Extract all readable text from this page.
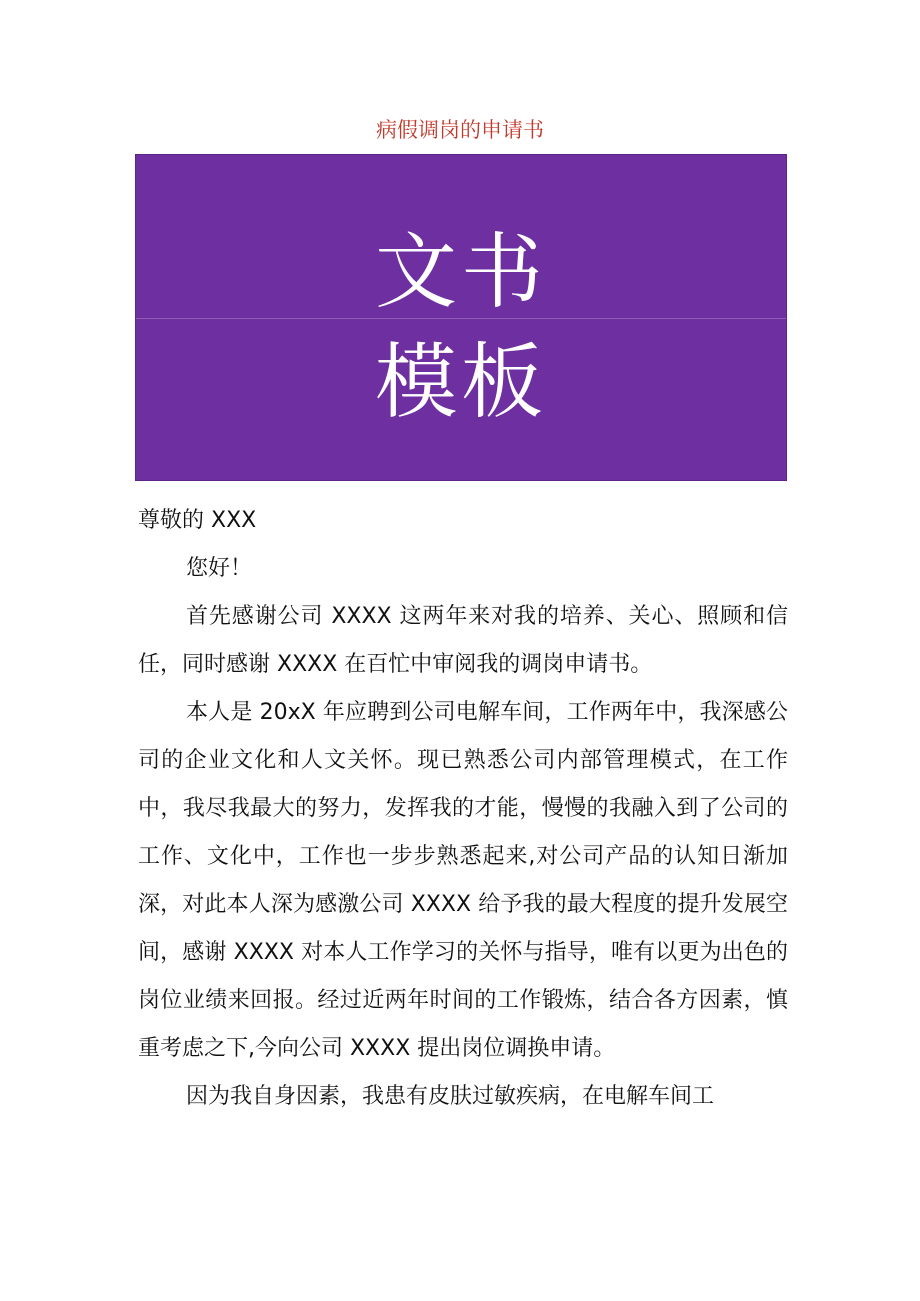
病假调岗的申请书
文书
模板

尊敬的 XXX

您好！

首先感谢公司 XXXX 这两年来对我的培养、关心、照顾和信任，同时感谢 XXXX 在百忙中审阅我的调岗申请书。

本人是 20xX 年应聘到公司电解车间，工作两年中，我深感公司的企业文化和人文关怀。现已熟悉公司内部管理模式，在工作中，我尽我最大的努力，发挥我的才能，慢慢的我融入到了公司的工作、文化中，工作也一步步熟悉起来,对公司产品的认知日渐加深，对此本人深为感激公司 XXXX 给予我的最大程度的提升发展空间，感谢 XXXX 对本人工作学习的关怀与指导，唯有以更为出色的岗位业绩来回报。经过近两年时间的工作锻炼，结合各方因素，慎重考虑之下,今向公司 XXXX 提出岗位调换申请。

因为我自身因素，我患有皮肤过敏疾病，在电解车间工
